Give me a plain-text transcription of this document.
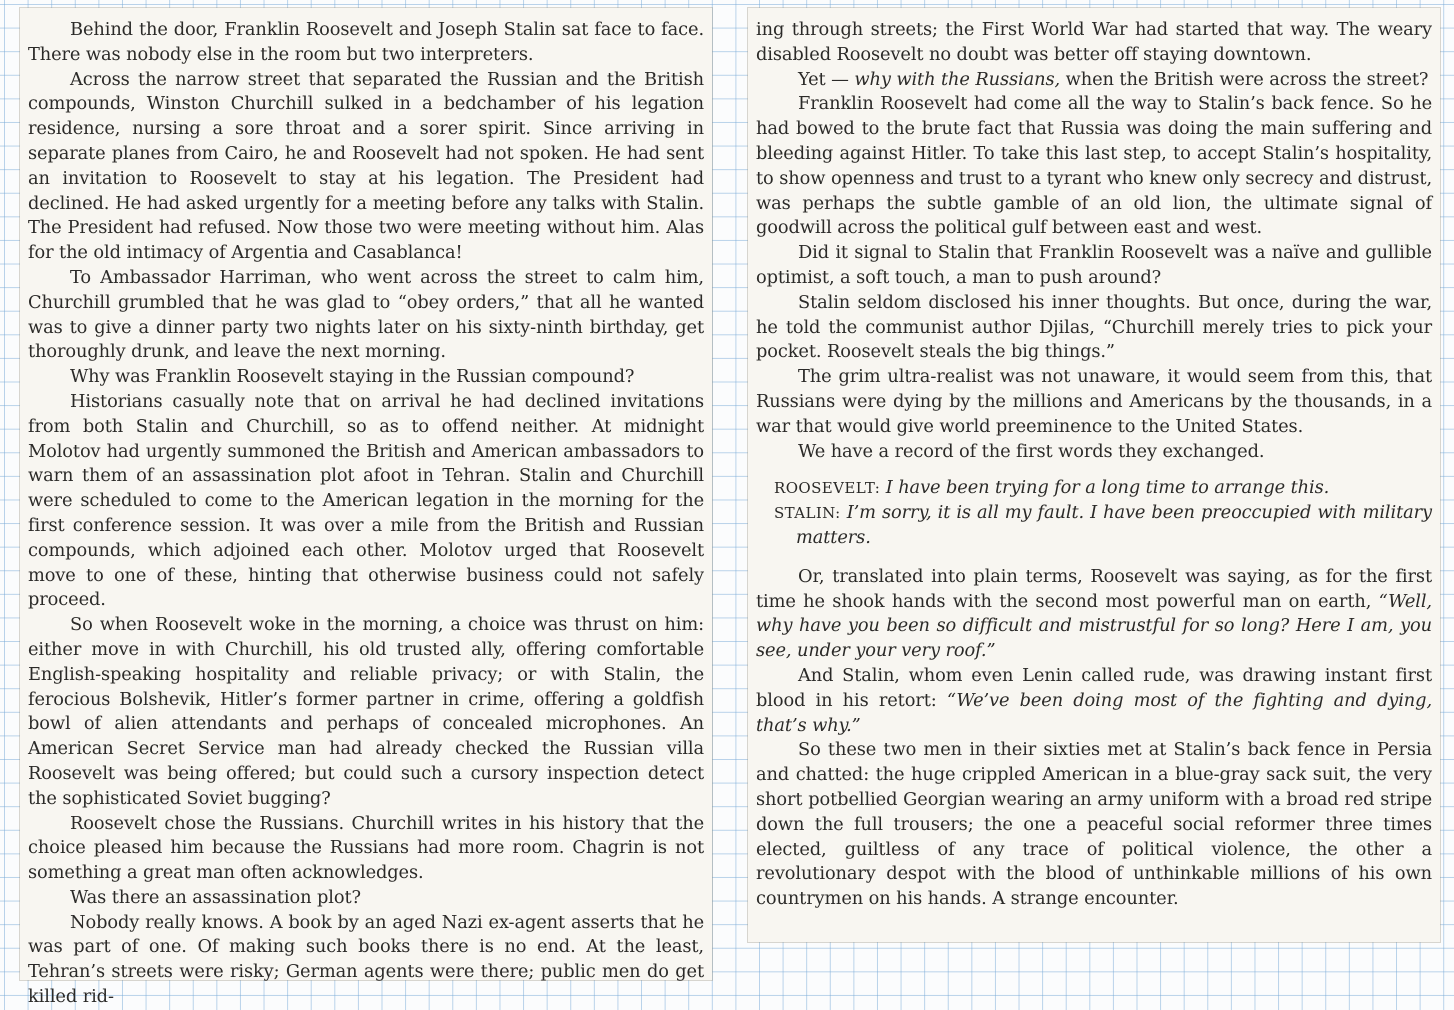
Behind the door, Franklin Roosevelt and Joseph Stalin sat face to face. There was nobody else in the room but two interpreters.

Across the narrow street that separated the Russian and the British compounds, Winston Churchill sulked in a bedchamber of his legation residence, nursing a sore throat and a sorer spirit. Since arriving in separate planes from Cairo, he and Roosevelt had not spoken. He had sent an invitation to Roosevelt to stay at his legation. The President had declined. He had asked urgently for a meeting before any talks with Stalin. The President had refused. Now those two were meeting without him. Alas for the old intimacy of Argentia and Casablanca!

To Ambassador Harriman, who went across the street to calm him, Churchill grumbled that he was glad to “obey orders,” that all he wanted was to give a dinner party two nights later on his sixty-ninth birthday, get thoroughly drunk, and leave the next morning.

Why was Franklin Roosevelt staying in the Russian compound?

Historians casually note that on arrival he had declined invitations from both Stalin and Churchill, so as to offend neither. At midnight Molotov had urgently summoned the British and American ambassadors to warn them of an assassination plot afoot in Tehran. Stalin and Churchill were scheduled to come to the American legation in the morning for the first conference session. It was over a mile from the British and Russian compounds, which adjoined each other. Molotov urged that Roosevelt move to one of these, hinting that otherwise business could not safely proceed.

So when Roosevelt woke in the morning, a choice was thrust on him: either move in with Churchill, his old trusted ally, offering comfortable English-speaking hospitality and reliable privacy; or with Stalin, the ferocious Bolshevik, Hitler’s former partner in crime, offering a goldfish bowl of alien attendants and perhaps of concealed microphones. An American Secret Service man had already checked the Russian villa Roosevelt was being offered; but could such a cursory inspection detect the sophisticated Soviet bugging?

Roosevelt chose the Russians. Churchill writes in his history that the choice pleased him because the Russians had more room. Chagrin is not something a great man often acknowledges.

Was there an assassination plot?

Nobody really knows. A book by an aged Nazi ex-agent asserts that he was part of one. Of making such books there is no end. At the least, Tehran’s streets were risky; German agents were there; public men do get killed rid-

ing through streets; the First World War had started that way. The weary disabled Roosevelt no doubt was better off staying downtown.

Yet — why with the Russians, when the British were across the street?

Franklin Roosevelt had come all the way to Stalin’s back fence. So he had bowed to the brute fact that Russia was doing the main suffering and bleeding against Hitler. To take this last step, to accept Stalin’s hospitality, to show openness and trust to a tyrant who knew only secrecy and distrust, was perhaps the subtle gamble of an old lion, the ultimate signal of goodwill across the political gulf between east and west.

Did it signal to Stalin that Franklin Roosevelt was a naïve and gullible optimist, a soft touch, a man to push around?

Stalin seldom disclosed his inner thoughts. But once, during the war, he told the communist author Djilas, “Churchill merely tries to pick your pocket. Roosevelt steals the big things.”

The grim ultra-realist was not unaware, it would seem from this, that Russians were dying by the millions and Americans by the thousands, in a war that would give world preeminence to the United States.

We have a record of the first words they exchanged.

ROOSEVELT: I have been trying for a long time to arrange this.

STALIN: I’m sorry, it is all my fault. I have been preoccupied with military matters.

Or, translated into plain terms, Roosevelt was saying, as for the first time he shook hands with the second most powerful man on earth, “Well, why have you been so difficult and mistrustful for so long? Here I am, you see, under your very roof.”

And Stalin, whom even Lenin called rude, was drawing instant first blood in his retort: “We’ve been doing most of the fighting and dying, that’s why.”

So these two men in their sixties met at Stalin’s back fence in Persia and chatted: the huge crippled American in a blue-gray sack suit, the very short potbellied Georgian wearing an army uniform with a broad red stripe down the full trousers; the one a peaceful social reformer three times elected, guiltless of any trace of political violence, the other a revolutionary despot with the blood of unthinkable millions of his own countrymen on his hands. A strange encounter.
